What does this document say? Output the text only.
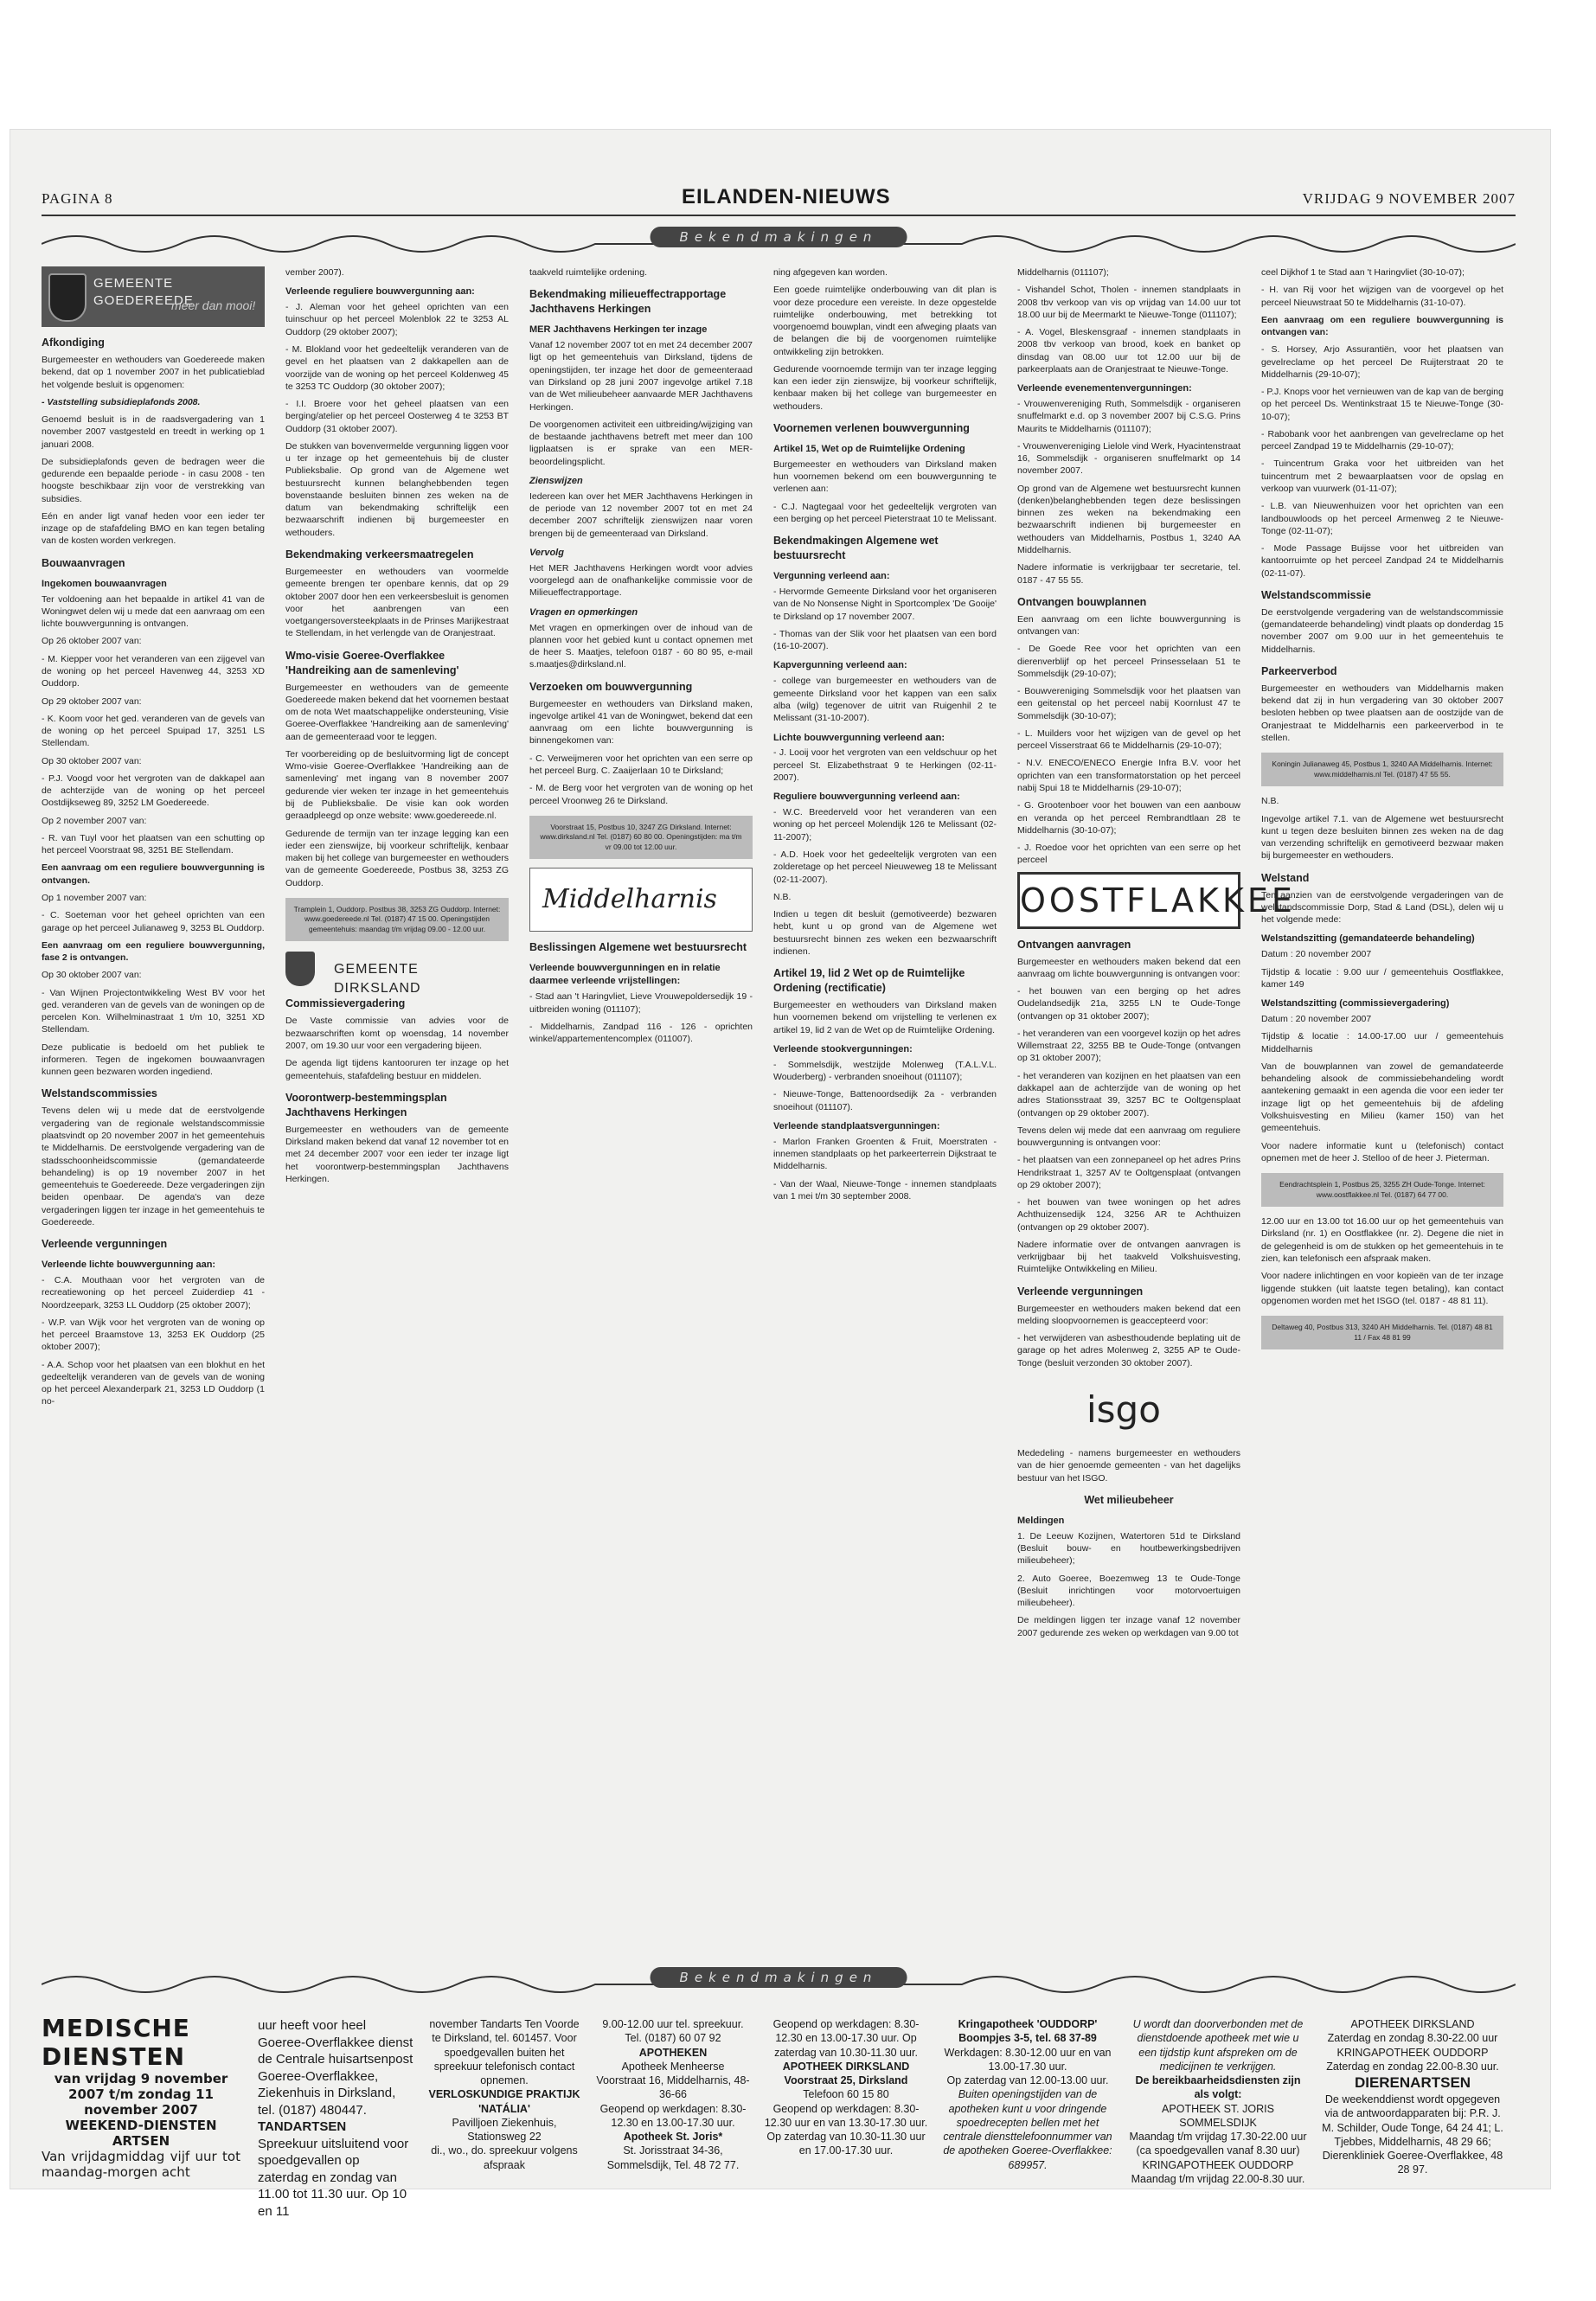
PAGINA 8	EILANDEN-NIEUWS	VRIJDAG 9 NOVEMBER 2007
Bekendmakingen
GEMEENTE GOEDEREEDE
meer dan mooi!
Afkondiging

Burgemeester en wethouders van Goedereede maken bekend, dat op 1 november 2007 in het publicatieblad het volgende besluit is opgenomen:

- Vaststelling subsidieplafonds 2008.

Genoemd besluit is in de raadsvergadering van 1 november 2007 vastgesteld en treedt in werking op 1 januari 2008.

De subsidieplafonds geven de bedragen weer die gedurende een bepaalde periode - in casu 2008 - ten hoogste beschikbaar zijn voor de verstrekking van subsidies.

Eén en ander ligt vanaf heden voor een ieder ter inzage op de stafafdeling BMO en kan tegen betaling van de kosten worden verkregen.

Bouwaanvragen
Ingekomen bouwaanvragen

Ter voldoening aan het bepaalde in artikel 41 van de Woningwet delen wij u mede dat een aanvraag om een lichte bouwvergunning is ontvangen.

Op 26 oktober 2007 van:

- M. Kiepper voor het veranderen van een zijgevel van de woning op het perceel Havenweg 44, 3253 XD Ouddorp.

Op 29 oktober 2007 van:

- K. Koom voor het ged. veranderen van de gevels van de woning op het perceel Spuipad 17, 3251 LS Stellendam.

Op 30 oktober 2007 van:

- P.J. Voogd voor het vergroten van de dakkapel aan de achterzijde van de woning op het perceel Oostdijkseweg 89, 3252 LM Goedereede.

Op 2 november 2007 van:

- R. van Tuyl voor het plaatsen van een schutting op het perceel Voorstraat 98, 3251 BE Stellendam.

Een aanvraag om een reguliere bouwvergunning is ontvangen.

Op 1 november 2007 van:

- C. Soeteman voor het geheel oprichten van een garage op het perceel Julianaweg 9, 3253 BL Ouddorp.

Een aanvraag om een reguliere bouwvergunning, fase 2 is ontvangen.

Op 30 oktober 2007 van:

- Van Wijnen Projectontwikkeling West BV voor het ged. veranderen van de gevels van de woningen op de percelen Kon. Wilhelminastraat 1 t/m 10, 3251 XD Stellendam.

Deze publicatie is bedoeld om het publiek te informeren. Tegen de ingekomen bouwaanvragen kunnen geen bezwaren worden ingediend.

Welstandscommissies

Tevens delen wij u mede dat de eerstvolgende vergadering van de regionale welstandscommissie plaatsvindt op 20 november 2007 in het gemeentehuis te Middelharnis. De eerstvolgende vergadering van de stadsschoonheidscommissie (gemandateerde behandeling) is op 19 november 2007 in het gemeentehuis te Goedereede. Deze vergaderingen zijn beiden openbaar. De agenda's van deze vergaderingen liggen ter inzage in het gemeentehuis te Goedereede.

Verleende vergunningen
Verleende lichte bouwvergunning aan:

- C.A. Mouthaan voor het vergroten van de recreatiewoning op het perceel Zuiderdiep 41 - Noordzeepark, 3253 LL Ouddorp (25 oktober 2007);

- W.P. van Wijk voor het vergroten van de woning op het perceel Braamstove 13, 3253 EK Ouddorp (25 oktober 2007);

- A.A. Schop voor het plaatsen van een blokhut en het gedeeltelijk veranderen van de gevels van de woning op het perceel Alexanderpark 21, 3253 LD Ouddorp (1 no-

vember 2007).

Verleende reguliere bouwvergunning aan:

- J. Aleman voor het geheel oprichten van een tuinschuur op het perceel Molenblok 22 te 3253 AL Ouddorp (29 oktober 2007);

- M. Blokland voor het gedeeltelijk veranderen van de gevel en het plaatsen van 2 dakkapellen aan de voorzijde van de woning op het perceel Koldenweg 45 te 3253 TC Ouddorp (30 oktober 2007);

- I.I. Broere voor het geheel plaatsen van een berging/atelier op het perceel Oosterweg 4 te 3253 BT Ouddorp (31 oktober 2007).

De stukken van bovenvermelde vergunning liggen voor u ter inzage op het gemeentehuis bij de cluster Publieksbalie. Op grond van de Algemene wet bestuursrecht kunnen belanghebbenden tegen bovenstaande besluiten binnen zes weken na de datum van bekendmaking schriftelijk een bezwaarschrift indienen bij burgemeester en wethouders.

Bekendmaking verkeersmaatregelen

Burgemeester en wethouders van voormelde gemeente brengen ter openbare kennis, dat op 29 oktober 2007 door hen een verkeersbesluit is genomen voor het aanbrengen van een voetgangersoversteekplaats in de Prinses Marijkestraat te Stellendam, in het verlengde van de Oranjestraat.

Wmo-visie Goeree-Overflakkee 'Handreiking aan de samenleving'

Burgemeester en wethouders van de gemeente Goedereede maken bekend dat het voornemen bestaat om de nota Wet maatschappelijke ondersteuning, Visie Goeree-Overflakkee 'Handreiking aan de samenleving' aan de gemeenteraad voor te leggen.

Ter voorbereiding op de besluitvorming ligt de concept Wmo-visie Goeree-Overflakkee 'Handreiking aan de samenleving' met ingang van 8 november 2007 gedurende vier weken ter inzage in het gemeentehuis bij de Publieksbalie. De visie kan ook worden geraadpleegd op onze website: www.goedereede.nl.

Gedurende de termijn van ter inzage legging kan een ieder een zienswijze, bij voorkeur schriftelijk, kenbaar maken bij het college van burgemeester en wethouders van de gemeente Goedereede, Postbus 38, 3253 ZG Ouddorp.

Tramplein 1, Ouddorp. Postbus 38, 3253 ZG Ouddorp. Internet: www.goedereede.nl Tel. (0187) 47 15 00. Openingstijden gemeentehuis: maandag t/m vrijdag 09.00 - 12.00 uur.
GEMEENTE DIRKSLAND
Commissievergadering

De Vaste commissie van advies voor de bezwaarschriften komt op woensdag, 14 november 2007, om 19.30 uur voor een vergadering bijeen.

De agenda ligt tijdens kantooruren ter inzage op het gemeentehuis, stafafdeling bestuur en middelen.

Voorontwerp-bestemmingsplan Jachthavens Herkingen

Burgemeester en wethouders van de gemeente Dirksland maken bekend dat vanaf 12 november tot en met 24 december 2007 voor een ieder ter inzage ligt het voorontwerp-bestemmingsplan Jachthavens Herkingen.

taakveld ruimtelijke ordening.

Bekendmaking milieueffectrapportage Jachthavens Herkingen
MER Jachthavens Herkingen ter inzage

Vanaf 12 november 2007 tot en met 24 december 2007 ligt op het gemeentehuis van Dirksland, tijdens de openingstijden, ter inzage het door de gemeenteraad van Dirksland op 28 juni 2007 ingevolge artikel 7.18 van de Wet milieubeheer aanvaarde MER Jachthavens Herkingen.

De voorgenomen activiteit een uitbreiding/wijziging van de bestaande jachthavens betreft met meer dan 100 ligplaatsen is er sprake van een MER-beoordelingsplicht.

Zienswijzen

Iedereen kan over het MER Jachthavens Herkingen in de periode van 12 november 2007 tot en met 24 december 2007 schriftelijk zienswijzen naar voren brengen bij de gemeenteraad van Dirksland.

Vervolg

Het MER Jachthavens Herkingen wordt voor advies voorgelegd aan de onafhankelijke commissie voor de Milieueffectrapportage.

Vragen en opmerkingen

Met vragen en opmerkingen over de inhoud van de plannen voor het gebied kunt u contact opnemen met de heer S. Maatjes, telefoon 0187 - 60 80 95, e-mail s.maatjes@dirksland.nl.

Verzoeken om bouwvergunning

Burgemeester en wethouders van Dirksland maken, ingevolge artikel 41 van de Woningwet, bekend dat een aanvraag om een lichte bouwvergunning is binnengekomen van:

- C. Verweijmeren voor het oprichten van een serre op het perceel Burg. C. Zaaijerlaan 10 te Dirksland;

- M. de Berg voor het vergroten van de woning op het perceel Vroonweg 26 te Dirksland.

Voorstraat 15, Postbus 10, 3247 ZG Dirksland. Internet: www.dirksland.nl Tel. (0187) 60 80 00. Openingstijden: ma t/m vr 09.00 tot 12.00 uur.
Middelharnis
Beslissingen Algemene wet bestuursrecht
Verleende bouwvergunningen en in relatie daarmee verleende vrijstellingen:

- Stad aan 't Haringvliet, Lieve Vrouwepoldersedijk 19 - uitbreiden woning (011107);

- Middelharnis, Zandpad 116 - 126 - oprichten winkel/appartementencomplex (011007).

ning afgegeven kan worden.

Een goede ruimtelijke onderbouwing van dit plan is voor deze procedure een vereiste. In deze opgestelde ruimtelijke onderbouwing, met betrekking tot voorgenoemd bouwplan, vindt een afweging plaats van de belangen die bij de voorgenomen ruimtelijke ontwikkeling zijn betrokken.

Gedurende voornoemde termijn van ter inzage legging kan een ieder zijn zienswijze, bij voorkeur schriftelijk, kenbaar maken bij het college van burgemeester en wethouders.

Voornemen verlenen bouwvergunning
Artikel 15, Wet op de Ruimtelijke Ordening

Burgemeester en wethouders van Dirksland maken hun voornemen bekend om een bouwvergunning te verlenen aan:

- C.J. Nagtegaal voor het gedeeltelijk vergroten van een berging op het perceel Pieterstraat 10 te Melissant.

Bekendmakingen Algemene wet bestuursrecht
Vergunning verleend aan:

- Hervormde Gemeente Dirksland voor het organiseren van de No Nonsense Night in Sportcomplex 'De Gooije' te Dirksland op 17 november 2007.

- Thomas van der Slik voor het plaatsen van een bord (16-10-2007).

Kapvergunning verleend aan:

- college van burgemeester en wethouders van de gemeente Dirksland voor het kappen van een salix alba (wilg) tegenover de uitrit van Ruigenhil 2 te Melissant (31-10-2007).

Lichte bouwvergunning verleend aan:

- J. Looij voor het vergroten van een veldschuur op het perceel St. Elizabethstraat 9 te Herkingen (02-11-2007).

Reguliere bouwvergunning verleend aan:

- W.C. Breederveld voor het veranderen van een woning op het perceel Molendijk 126 te Melissant (02-11-2007);

- A.D. Hoek voor het gedeeltelijk vergroten van een zolderetage op het perceel Nieuweweg 18 te Melissant (02-11-2007).

N.B.

Indien u tegen dit besluit (gemotiveerde) bezwaren hebt, kunt u op grond van de Algemene wet bestuursrecht binnen zes weken een bezwaarschrift indienen.

Artikel 19, lid 2 Wet op de Ruimtelijke Ordening (rectificatie)

Burgemeester en wethouders van Dirksland maken hun voornemen bekend om vrijstelling te verlenen ex artikel 19, lid 2 van de Wet op de Ruimtelijke Ordening.

Verleende stookvergunningen:

- Sommelsdijk, westzijde Molenweg (T.A.L.V.L. Wouderberg) - verbranden snoeihout (011107);

- Nieuwe-Tonge, Battenoordsedijk 2a - verbranden snoeihout (011107).

Verleende standplaatsvergunningen:

- Marlon Franken Groenten & Fruit, Moerstraten - innemen standplaats op het parkeerterrein Dijkstraat te Middelharnis.

- Van der Waal, Nieuwe-Tonge - innemen standplaats van 1 mei t/m 30 september 2008.

Middelharnis (011107);

- Vishandel Schot, Tholen - innemen standplaats in 2008 tbv verkoop van vis op vrijdag van 14.00 uur tot 18.00 uur bij de Meermarkt te Nieuwe-Tonge (011107);

- A. Vogel, Bleskensgraaf - innemen standplaats in 2008 tbv verkoop van brood, koek en banket op dinsdag van 08.00 uur tot 12.00 uur bij de parkeerplaats aan de Oranjestraat te Nieuwe-Tonge.

Verleende evenementenvergunningen:

- Vrouwenvereniging Ruth, Sommelsdijk - organiseren snuffelmarkt e.d. op 3 november 2007 bij C.S.G. Prins Maurits te Middelharnis (011107);

- Vrouwenvereniging Lielole vind Werk, Hyacintenstraat 16, Sommelsdijk - organiseren snuffelmarkt op 14 november 2007.

Op grond van de Algemene wet bestuursrecht kunnen (denken)belanghebbenden tegen deze beslissingen binnen zes weken na bekendmaking een bezwaarschrift indienen bij burgemeester en wethouders van Middelharnis, Postbus 1, 3240 AA Middelharnis.

Nadere informatie is verkrijgbaar ter secretarie, tel. 0187 - 47 55 55.

Ontvangen bouwplannen

Een aanvraag om een lichte bouwvergunning is ontvangen van:

- De Goede Ree voor het oprichten van een dierenverblijf op het perceel Prinsesselaan 51 te Sommelsdijk (29-10-07);

- Bouwvereniging Sommelsdijk voor het plaatsen van een geitenstal op het perceel nabij Koornlust 47 te Sommelsdijk (30-10-07);

- L. Muilders voor het wijzigen van de gevel op het perceel Visserstraat 66 te Middelharnis (29-10-07);

- N.V. ENECO/ENECO Energie Infra B.V. voor het oprichten van een transformatorstation op het perceel nabij Spui 18 te Middelharnis (29-10-07);

- G. Grootenboer voor het bouwen van een aanbouw en veranda op het perceel Rembrandtlaan 28 te Middelharnis (30-10-07);

- J. Roedoe voor het oprichten van een serre op het perceel

OOSTFLAKKEE
Ontvangen aanvragen

Burgemeester en wethouders maken bekend dat een aanvraag om lichte bouwvergunning is ontvangen voor:

- het bouwen van een berging op het adres Oudelandsedijk 21a, 3255 LN te Oude-Tonge (ontvangen op 31 oktober 2007);

- het veranderen van een voorgevel kozijn op het adres Willemstraat 22, 3255 BB te Oude-Tonge (ontvangen op 31 oktober 2007);

- het veranderen van kozijnen en het plaatsen van een dakkapel aan de achterzijde van de woning op het adres Stationsstraat 39, 3257 BC te Ooltgensplaat (ontvangen op 29 oktober 2007).

Tevens delen wij mede dat een aanvraag om reguliere bouwvergunning is ontvangen voor:

- het plaatsen van een zonnepaneel op het adres Prins Hendrikstraat 1, 3257 AV te Ooltgensplaat (ontvangen op 29 oktober 2007);

- het bouwen van twee woningen op het adres Achthuizensedijk 124, 3256 AR te Achthuizen (ontvangen op 29 oktober 2007).

Nadere informatie over de ontvangen aanvragen is verkrijgbaar bij het taakveld Volkshuisvesting, Ruimtelijke Ontwikkeling en Milieu.

Verleende vergunningen

Burgemeester en wethouders maken bekend dat een melding sloopvoornemen is geaccepteerd voor:

- het verwijderen van asbesthoudende beplating uit de garage op het adres Molenweg 2, 3255 AP te Oude-Tonge (besluit verzonden 30 oktober 2007).

isgo

Mededeling - namens burgemeester en wethouders van de hier genoemde gemeenten - van het dagelijks bestuur van het ISGO.

Wet milieubeheer
Meldingen

1. De Leeuw Kozijnen, Watertoren 51d te Dirksland (Besluit bouw- en houtbewerkingsbedrijven milieubeheer);

2. Auto Goeree, Boezemweg 13 te Oude-Tonge (Besluit inrichtingen voor motorvoertuigen milieubeheer).

De meldingen liggen ter inzage vanaf 12 november 2007 gedurende zes weken op werkdagen van 9.00 tot

ceel Dijkhof 1 te Stad aan 't Haringvliet (30-10-07);

- H. van Rij voor het wijzigen van de voorgevel op het perceel Nieuwstraat 50 te Middelharnis (31-10-07).

Een aanvraag om een reguliere bouwvergunning is ontvangen van:

- S. Horsey, Arjo Assurantiën, voor het plaatsen van gevelreclame op het perceel De Ruijterstraat 20 te Middelharnis (29-10-07);

- P.J. Knops voor het vernieuwen van de kap van de berging op het perceel Ds. Wentinkstraat 15 te Nieuwe-Tonge (30-10-07);

- Rabobank voor het aanbrengen van gevelreclame op het perceel Zandpad 19 te Middelharnis (29-10-07);

- Tuincentrum Graka voor het uitbreiden van het tuincentrum met 2 bewaarplaatsen voor de opslag en verkoop van vuurwerk (01-11-07);

- L.B. van Nieuwenhuizen voor het oprichten van een landbouwloods op het perceel Armenweg 2 te Nieuwe-Tonge (02-11-07);

- Mode Passage Buijsse voor het uitbreiden van kantoorruimte op het perceel Zandpad 24 te Middelharnis (02-11-07).

Welstandscommissie

De eerstvolgende vergadering van de welstandscommissie (gemandateerde behandeling) vindt plaats op donderdag 15 november 2007 om 9.00 uur in het gemeentehuis te Middelharnis.

Parkeerverbod

Burgemeester en wethouders van Middelharnis maken bekend dat zij in hun vergadering van 30 oktober 2007 besloten hebben op twee plaatsen aan de oostzijde van de Oranjestraat te Middelharnis een parkeerverbod in te stellen.

Koningin Julianaweg 45, Postbus 1, 3240 AA Middelharnis. Internet: www.middelharnis.nl Tel. (0187) 47 55 55.

N.B.

Ingevolge artikel 7.1. van de Algemene wet bestuursrecht kunt u tegen deze besluiten binnen zes weken na de dag van verzending schriftelijk en gemotiveerd bezwaar maken bij burgemeester en wethouders.

Welstand

Ten aanzien van de eerstvolgende vergaderingen van de welstandscommissie Dorp, Stad & Land (DSL), delen wij u het volgende mede:

Welstandszitting (gemandateerde behandeling)

Datum : 20 november 2007

Tijdstip & locatie : 9.00 uur / gemeentehuis Oostflakkee, kamer 149

Welstandszitting (commissievergadering)

Datum : 20 november 2007

Tijdstip & locatie : 14.00-17.00 uur / gemeentehuis Middelharnis

Van de bouwplannen van zowel de gemandateerde behandeling alsook de commissiebehandeling wordt aantekening gemaakt in een agenda die voor een ieder ter inzage ligt op het gemeentehuis bij de afdeling Volkshuisvesting en Milieu (kamer 150) van het gemeentehuis.

Voor nadere informatie kunt u (telefonisch) contact opnemen met de heer J. Stelloo of de heer J. Pieterman.

Eendrachtsplein 1, Postbus 25, 3255 ZH Oude-Tonge. Internet: www.oostflakkee.nl Tel. (0187) 64 77 00.

12.00 uur en 13.00 tot 16.00 uur op het gemeentehuis van Dirksland (nr. 1) en Oostflakkee (nr. 2). Degene die niet in de gelegenheid is om de stukken op het gemeentehuis in te zien, kan telefonisch een afspraak maken.

Voor nadere inlichtingen en voor kopieën van de ter inzage liggende stukken (uit laatste tegen betaling), kan contact opgenomen worden met het ISGO (tel. 0187 - 48 81 11).

Deltaweg 40, Postbus 313, 3240 AH Middelharnis. Tel. (0187) 48 81 11 / Fax 48 81 99
Bekendmakingen
MEDISCHE DIENSTEN
van vrijdag 9 november 2007 t/m zondag 11 november 2007
WEEKEND-DIENSTEN ARTSEN
Van vrijdagmiddag vijf uur tot maandag-morgen acht
uur heeft voor heel Goeree-Overflakkee dienst de Centrale huisartsenpost Goeree-Overflakkee, Ziekenhuis in Dirksland, tel. (0187) 480447.
TANDARTSEN
Spreekuur uitsluitend voor spoedgevallen op zaterdag en zondag van 11.00 tot 11.30 uur. Op 10 en 11
november Tandarts Ten Voorde te Dirksland, tel. 601457. Voor spoedgevallen buiten het spreekuur telefonisch contact opnemen.
VERLOSKUNDIGE PRAKTIJK 'NATÁLIA'
Pavilljoen Ziekenhuis, Stationsweg 22
di., wo., do. spreekuur volgens afspraak
9.00-12.00 uur tel. spreekuur. Tel. (0187) 60 07 92
APOTHEKEN
Apotheek Menheerse
Voorstraat 16, Middelharnis, 48-36-66
Geopend op werkdagen: 8.30-12.30 en 13.00-17.30 uur.
Apotheek St. Joris*
St. Jorisstraat 34-36, Sommelsdijk, Tel. 48 72 77.
Geopend op werkdagen: 8.30-12.30 en 13.00-17.30 uur. Op zaterdag van 10.30-11.30 uur.
APOTHEEK DIRKSLAND Voorstraat 25, Dirksland
Telefoon 60 15 80
Geopend op werkdagen: 8.30-12.30 uur en van 13.30-17.30 uur.
Op zaterdag van 10.30-11.30 uur en 17.00-17.30 uur.
Kringapotheek 'OUDDORP' Boompjes 3-5, tel. 68 37-89
Werkdagen: 8.30-12.00 uur en van 13.00-17.30 uur.
Op zaterdag van 12.00-13.00 uur.
Buiten openingstijden van de apotheken kunt u voor dringende spoedrecepten bellen met het centrale diensttelefoonnummer van de apotheken Goeree-Overflakkee: 689957.
U wordt dan doorverbonden met de dienstdoende apotheek met wie u een tijdstip kunt afspreken om de medicijnen te verkrijgen.
De bereikbaarheidsdiensten zijn als volgt:
APOTHEEK ST. JORIS SOMMELSDIJK
Maandag t/m vrijdag 17.30-22.00 uur (ca spoedgevallen vanaf 8.30 uur)
KRINGAPOTHEEK OUDDORP
Maandag t/m vrijdag 22.00-8.30 uur.
APOTHEEK DIRKSLAND
Zaterdag en zondag 8.30-22.00 uur
KRINGAPOTHEEK OUDDORP
Zaterdag en zondag 22.00-8.30 uur.
DIERENARTSEN
De weekenddienst wordt opgegeven via de antwoordapparaten bij: P.R. J. M. Schilder, Oude Tonge, 64 24 41; L. Tjebbes, Middelharnis, 48 29 66; Dierenkliniek Goeree-Overflakkee, 48 28 97.
